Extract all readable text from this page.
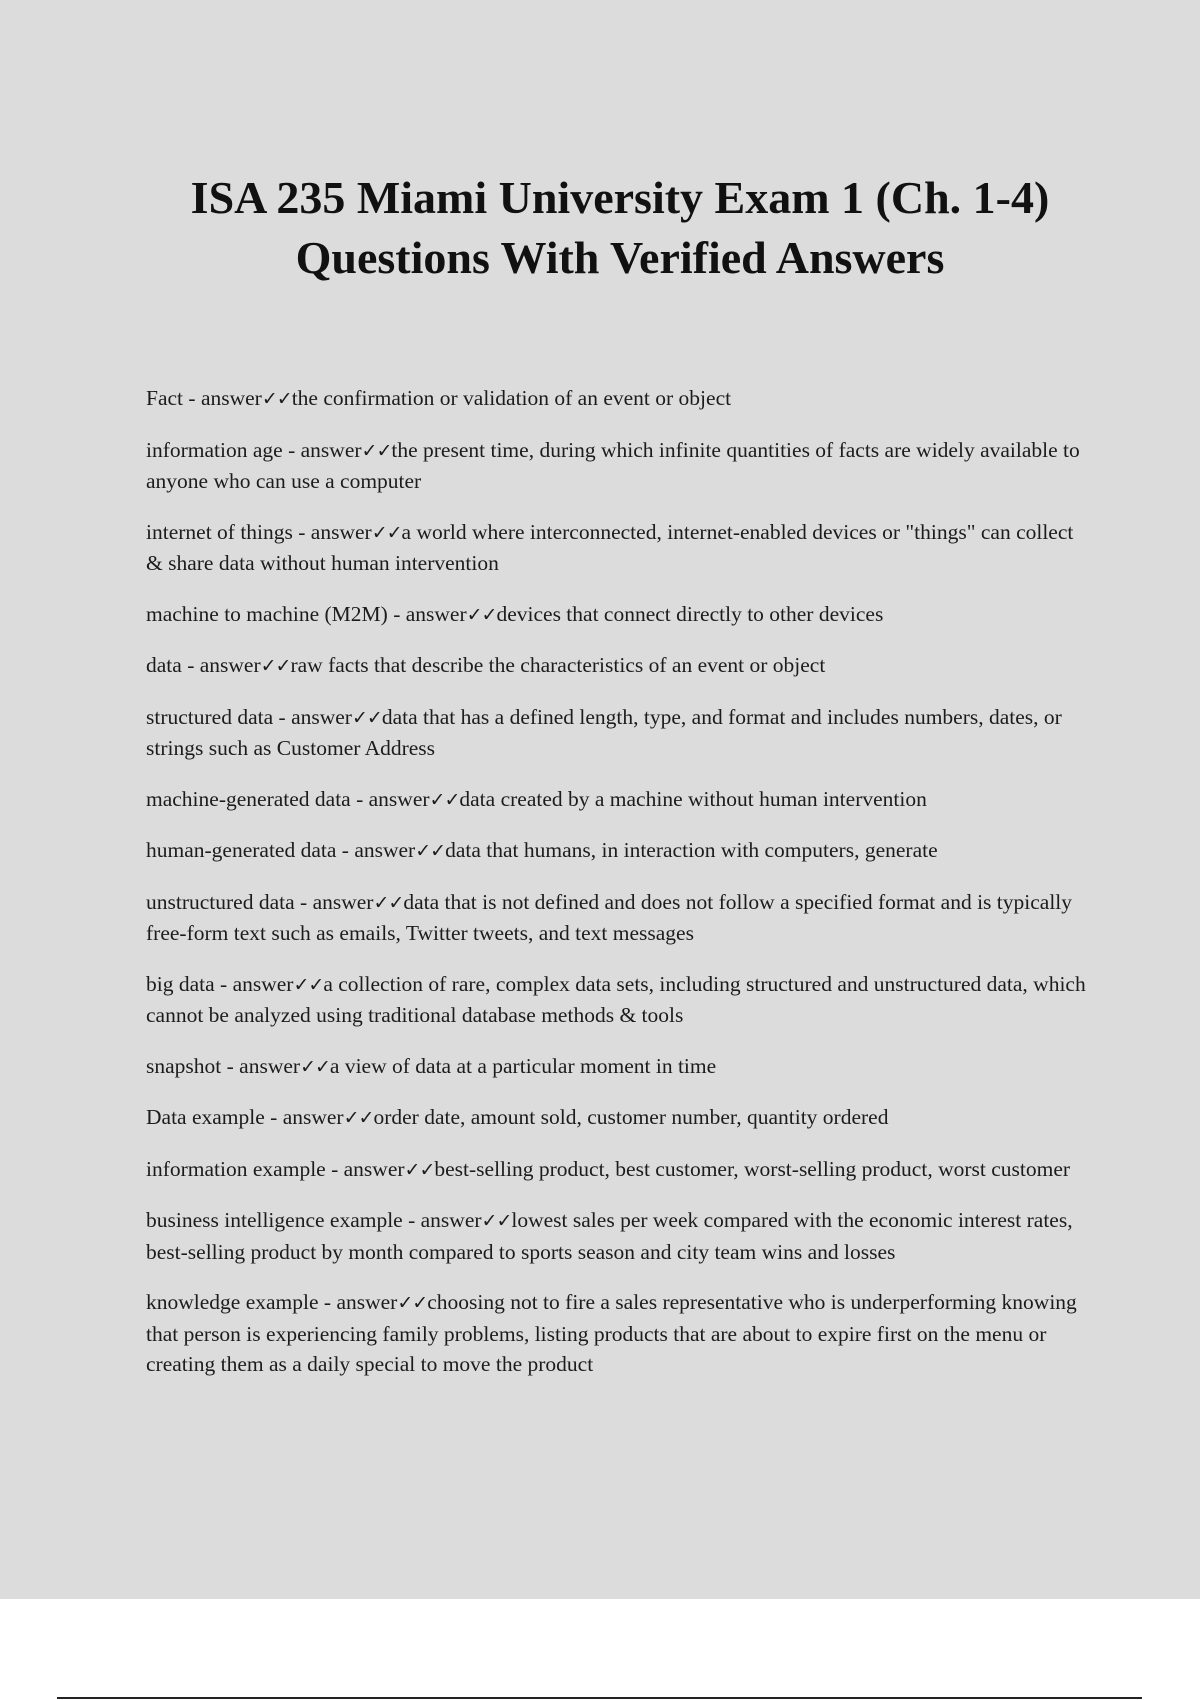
ISA 235 Miami University Exam 1 (Ch. 1-4)
Questions With Verified Answers
Fact - answer✓✓the confirmation or validation of an event or object
information age - answer✓✓the present time, during which infinite quantities of facts are widely available to anyone who can use a computer
internet of things - answer✓✓a world where interconnected, internet-enabled devices or "things" can collect & share data without human intervention
machine to machine (M2M) - answer✓✓devices that connect directly to other devices
data - answer✓✓raw facts that describe the characteristics of an event or object
structured data - answer✓✓data that has a defined length, type, and format and includes numbers, dates, or strings such as Customer Address
machine-generated data - answer✓✓data created by a machine without human intervention
human-generated data - answer✓✓data that humans, in interaction with computers, generate
unstructured data - answer✓✓data that is not defined and does not follow a specified format and is typically free-form text such as emails, Twitter tweets, and text messages
big data - answer✓✓a collection of rare, complex data sets, including structured and unstructured data, which cannot be analyzed using traditional database methods & tools
snapshot - answer✓✓a view of data at a particular moment in time
Data example - answer✓✓order date, amount sold, customer number, quantity ordered
information example - answer✓✓best-selling product, best customer, worst-selling product, worst customer
business intelligence example - answer✓✓lowest sales per week compared with the economic interest rates, best-selling product by month compared to sports season and city team wins and losses
knowledge example - answer✓✓choosing not to fire a sales representative who is underperforming knowing that person is experiencing family problems, listing products that are about to expire first on the menu or creating them as a daily special to move the product
